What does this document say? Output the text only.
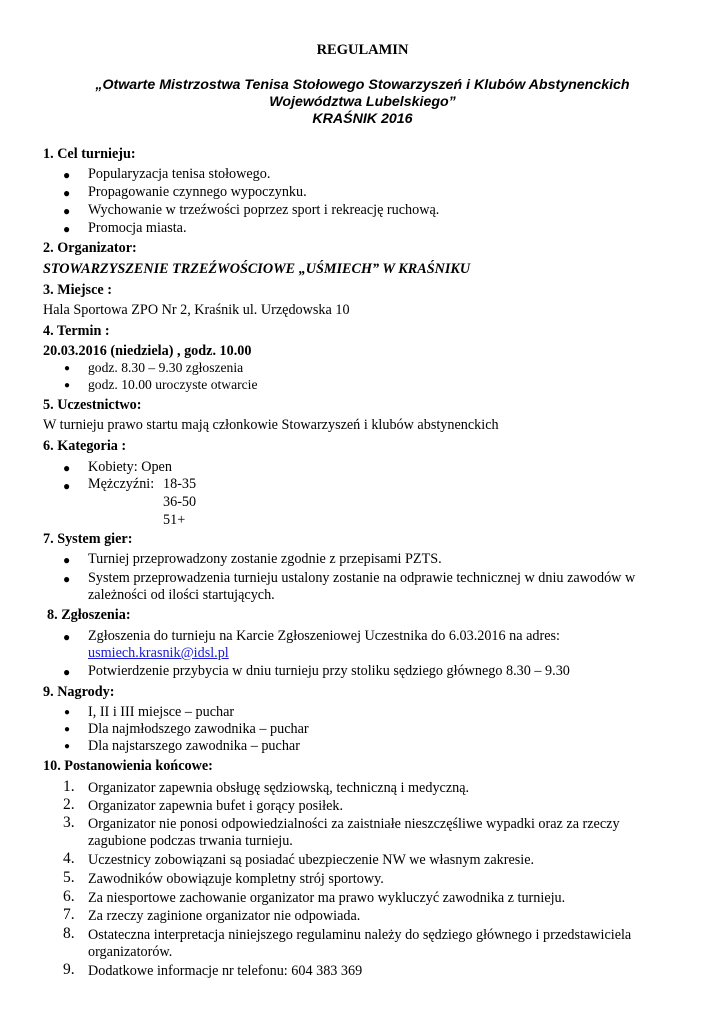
REGULAMIN
„Otwarte Mistrzostwa Tenisa Stołowego Stowarzyszeń i Klubów Abstynenckich
Województwa Lubelskiego”
KRAŚNIK 2016
1. Cel turnieju:
● Popularyzacja tenisa stołowego.
● Propagowanie czynnego wypoczynku.
● Wychowanie w trzeźwości poprzez sport i rekreację ruchową.
● Promocja miasta.
2. Organizator:
STOWARZYSZENIE TRZEŹWOŚCIOWE „UŚMIECH” W KRAŚNIKU
3. Miejsce :
Hala Sportowa ZPO Nr 2, Kraśnik ul. Urzędowska 10
4. Termin :
20.03.2016 (niedziela) , godz. 10.00
● godz. 8.30 – 9.30 zgłoszenia
● godz. 10.00 uroczyste otwarcie
5. Uczestnictwo:
W turnieju prawo startu mają członkowie Stowarzyszeń i klubów abstynenckich
6. Kategoria :
● Kobiety: Open
● Mężczyźni: 18-35
36-50
51+
7. System gier:
● Turniej przeprowadzony zostanie zgodnie z przepisami PZTS.
● System przeprowadzenia turnieju ustalony zostanie na odprawie technicznej w dniu zawodów w
zależności od ilości startujących.
8. Zgłoszenia:
● Zgłoszenia do turnieju na Karcie Zgłoszeniowej Uczestnika do 6.03.2016 na adres:
usmiech.krasnik@idsl.pl
● Potwierdzenie przybycia w dniu turnieju przy stoliku sędziego głównego 8.30 – 9.30
9. Nagrody:
● I, II i III miejsce – puchar
● Dla najmłodszego zawodnika – puchar
● Dla najstarszego zawodnika – puchar
10. Postanowienia końcowe:
1. Organizator zapewnia obsługę sędziowską, techniczną i medyczną.
2. Organizator zapewnia bufet i gorący posiłek.
3. Organizator nie ponosi odpowiedzialności za zaistniałe nieszczęśliwe wypadki oraz za rzeczy
zagubione podczas trwania turnieju.
4. Uczestnicy zobowiązani są posiadać ubezpieczenie NW we własnym zakresie.
5. Zawodników obowiązuje kompletny strój sportowy.
6. Za niesportowe zachowanie organizator ma prawo wykluczyć zawodnika z turnieju.
7. Za rzeczy zaginione organizator nie odpowiada.
8. Ostateczna interpretacja niniejszego regulaminu należy do sędziego głównego i przedstawiciela
organizatorów.
9. Dodatkowe informacje nr telefonu: 604 383 369
